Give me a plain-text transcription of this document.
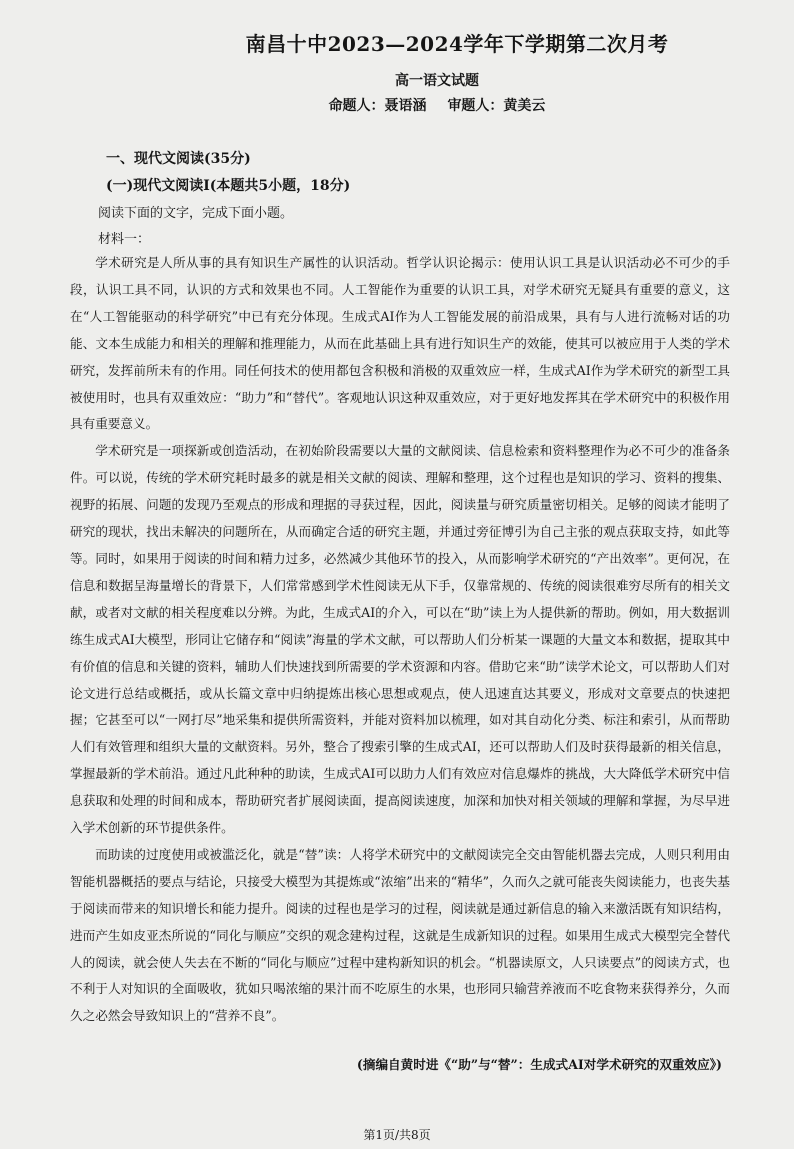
南昌十中2023—2024学年下学期第二次月考
高一语文试题
命题人：聂语涵 审题人：黄美云
一、现代文阅读(35分)
(一)现代文阅读Ⅰ(本题共5小题，18分)
阅读下面的文字，完成下面小题。
材料一：

学术研究是人所从事的具有知识生产属性的认识活动。哲学认识论揭示：使用认识工具是认识活动必不可少的手段，认识工具不同，认识的方式和效果也不同。人工智能作为重要的认识工具，对学术研究无疑具有重要的意义，这在“人工智能驱动的科学研究”中已有充分体现。生成式AI作为人工智能发展的前沿成果，具有与人进行流畅对话的功能、文本生成能力和相关的理解和推理能力，从而在此基础上具有进行知识生产的效能，使其可以被应用于人类的学术研究，发挥前所未有的作用。同任何技术的使用都包含积极和消极的双重效应一样，生成式AI作为学术研究的新型工具被使用时，也具有双重效应：“助力”和“替代”。客观地认识这种双重效应，对于更好地发挥其在学术研究中的积极作用具有重要意义。

学术研究是一项探新或创造活动，在初始阶段需要以大量的文献阅读、信息检索和资料整理作为必不可少的准备条件。可以说，传统的学术研究耗时最多的就是相关文献的阅读、理解和整理，这个过程也是知识的学习、资料的搜集、视野的拓展、问题的发现乃至观点的形成和理据的寻获过程，因此，阅读量与研究质量密切相关。足够的阅读才能明了研究的现状，找出未解决的问题所在，从而确定合适的研究主题，并通过旁征博引为自己主张的观点获取支持，如此等等。同时，如果用于阅读的时间和精力过多，必然减少其他环节的投入，从而影响学术研究的“产出效率”。更何况，在信息和数据呈海量增长的背景下，人们常常感到学术性阅读无从下手，仅靠常规的、传统的阅读很难穷尽所有的相关文献，或者对文献的相关程度难以分辨。为此，生成式AI的介入，可以在“助”读上为人提供新的帮助。例如，用大数据训练生成式AI大模型，形同让它储存和“阅读”海量的学术文献，可以帮助人们分析某一课题的大量文本和数据，提取其中有价值的信息和关键的资料，辅助人们快速找到所需要的学术资源和内容。借助它来“助”读学术论文，可以帮助人们对论文进行总结或概括，或从长篇文章中归纳提炼出核心思想或观点，使人迅速直达其要义，形成对文章要点的快速把握；它甚至可以“一网打尽”地采集和提供所需资料，并能对资料加以梳理，如对其自动化分类、标注和索引，从而帮助人们有效管理和组织大量的文献资料。另外，整合了搜索引擎的生成式AI，还可以帮助人们及时获得最新的相关信息，掌握最新的学术前沿。通过凡此种种的助读，生成式AI可以助力人们有效应对信息爆炸的挑战，大大降低学术研究中信息获取和处理的时间和成本，帮助研究者扩展阅读面，提高阅读速度，加深和加快对相关领域的理解和掌握，为尽早进入学术创新的环节提供条件。

而助读的过度使用或被滥泛化，就是“替”读：人将学术研究中的文献阅读完全交由智能机器去完成，人则只利用由智能机器概括的要点与结论，只接受大模型为其提炼或“浓缩”出来的“精华”，久而久之就可能丧失阅读能力，也丧失基于阅读而带来的知识增长和能力提升。阅读的过程也是学习的过程，阅读就是通过新信息的输入来激活既有知识结构，进而产生如皮亚杰所说的“同化与顺应”交织的观念建构过程，这就是生成新知识的过程。如果用生成式大模型完全替代人的阅读，就会使人失去在不断的“同化与顺应”过程中建构新知识的机会。“机器读原文，人只读要点”的阅读方式，也不利于人对知识的全面吸收，犹如只喝浓缩的果汁而不吃原生的水果，也形同只输营养液而不吃食物来获得养分，久而久之必然会导致知识上的“营养不良”。

(摘编自黄时进《“助”与“替”：生成式AI对学术研究的双重效应》)
第1页/共8页
